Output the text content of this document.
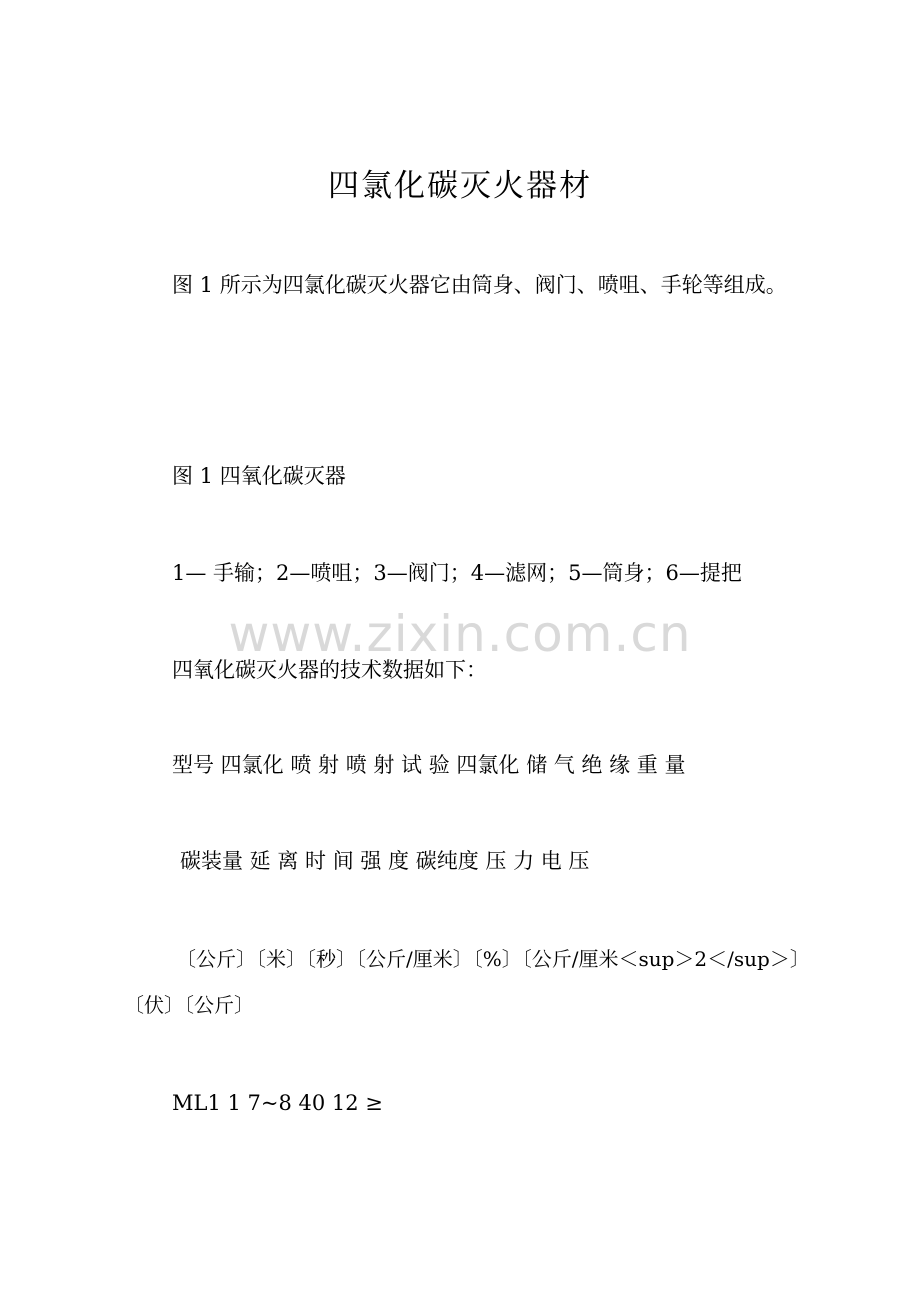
四氯化碳灭火器材
图 1 所示为四氯化碳灭火器它由筒身、阀门、喷咀、手轮等组成。
图 1 四氧化碳灭器
1— 手输；2—喷咀；3—阀门；4—滤网；5—筒身；6—提把
四氧化碳灭火器的技术数据如下：
型号 四氯化 喷 射 喷 射 试 验 四氯化 储 气 绝 缘 重 量
碳装量 延 离 时 间 强 度 碳纯度 压 力 电 压
〔公斤〕〔米〕〔秒〕〔公斤/厘米〕〔%〕〔公斤/厘米＜sup＞2＜/sup＞〕〔伏〕〔公斤〕
ML1 1 7~8 40 12 ≥
www.zixin.com.cn
